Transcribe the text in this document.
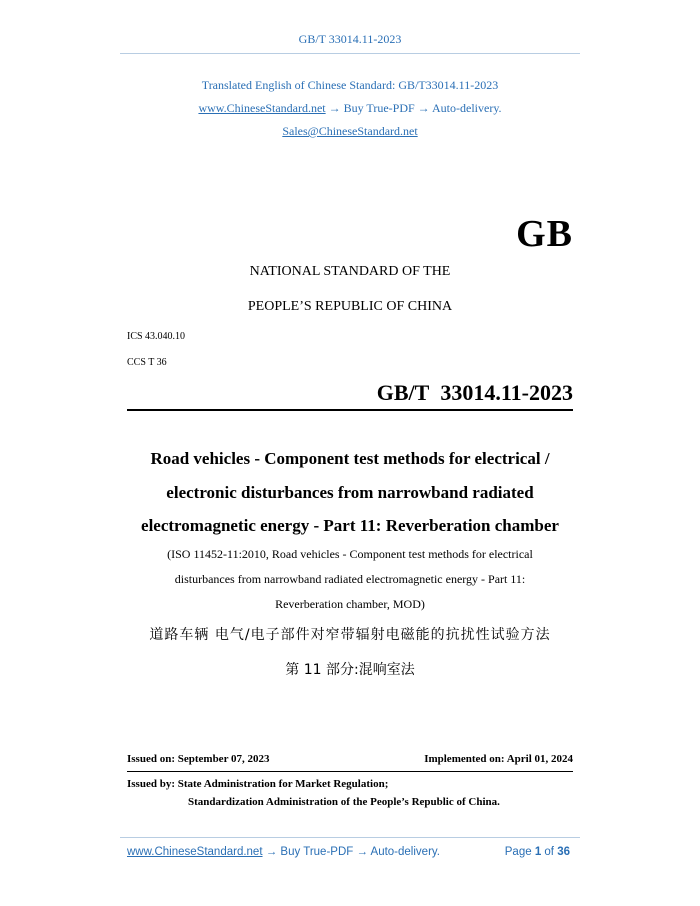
GB/T 33014.11-2023
Translated English of Chinese Standard: GB/T33014.11-2023
www.ChineseStandard.net → Buy True-PDF → Auto-delivery.
Sales@ChineseStandard.net
GB
NATIONAL STANDARD OF THE
PEOPLE’S REPUBLIC OF CHINA
ICS 43.040.10
CCS T 36
GB/T 33014.11-2023
Road vehicles - Component test methods for electrical /
electronic disturbances from narrowband radiated
electromagnetic energy - Part 11: Reverberation chamber
(ISO 11452-11:2010, Road vehicles - Component test methods for electrical
disturbances from narrowband radiated electromagnetic energy - Part 11:
Reverberation chamber, MOD)
道路车辆 电气/电子部件对窄带辐射电磁能的抗扰性试验方法
第 11 部分:混响室法
Issued on: September 07, 2023	Implemented on: April 01, 2024
Issued by: State Administration for Market Regulation;
Standardization Administration of the People’s Republic of China.
www.ChineseStandard.net → Buy True-PDF → Auto-delivery.	Page 1 of 36
